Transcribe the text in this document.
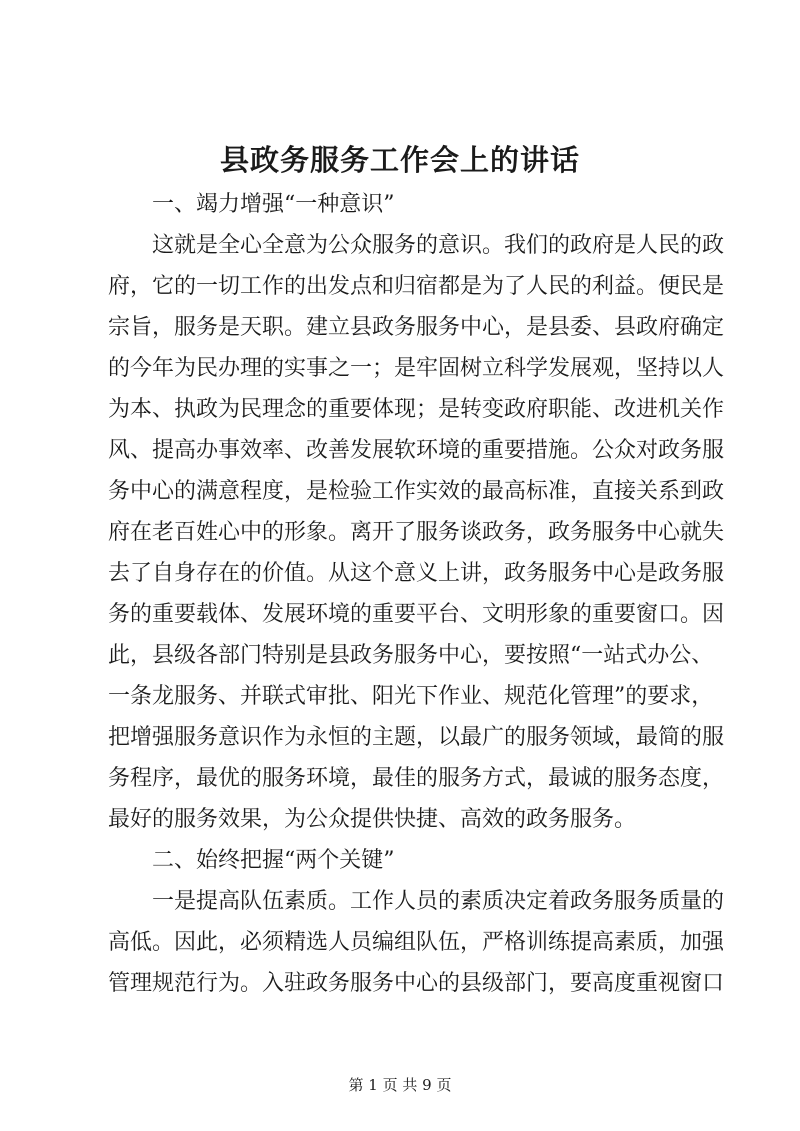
县政务服务工作会上的讲话
一、竭力增强“一种意识”
这就是全心全意为公众服务的意识。我们的政府是人民的政
府，它的一切工作的出发点和归宿都是为了人民的利益。便民是
宗旨，服务是天职。建立县政务服务中心，是县委、县政府确定
的今年为民办理的实事之一；是牢固树立科学发展观，坚持以人
为本、执政为民理念的重要体现；是转变政府职能、改进机关作
风、提高办事效率、改善发展软环境的重要措施。公众对政务服
务中心的满意程度，是检验工作实效的最高标准，直接关系到政
府在老百姓心中的形象。离开了服务谈政务，政务服务中心就失
去了自身存在的价值。从这个意义上讲，政务服务中心是政务服
务的重要载体、发展环境的重要平台、文明形象的重要窗口。因
此，县级各部门特别是县政务服务中心，要按照“一站式办公、
一条龙服务、并联式审批、阳光下作业、规范化管理”的要求，
把增强服务意识作为永恒的主题，以最广的服务领域，最简的服
务程序，最优的服务环境，最佳的服务方式，最诚的服务态度，
最好的服务效果，为公众提供快捷、高效的政务服务。
二、始终把握“两个关键”
一是提高队伍素质。工作人员的素质决定着政务服务质量的
高低。因此，必须精选人员编组队伍，严格训练提高素质，加强
管理规范行为。入驻政务服务中心的县级部门，要高度重视窗口
第 1 页 共 9 页
